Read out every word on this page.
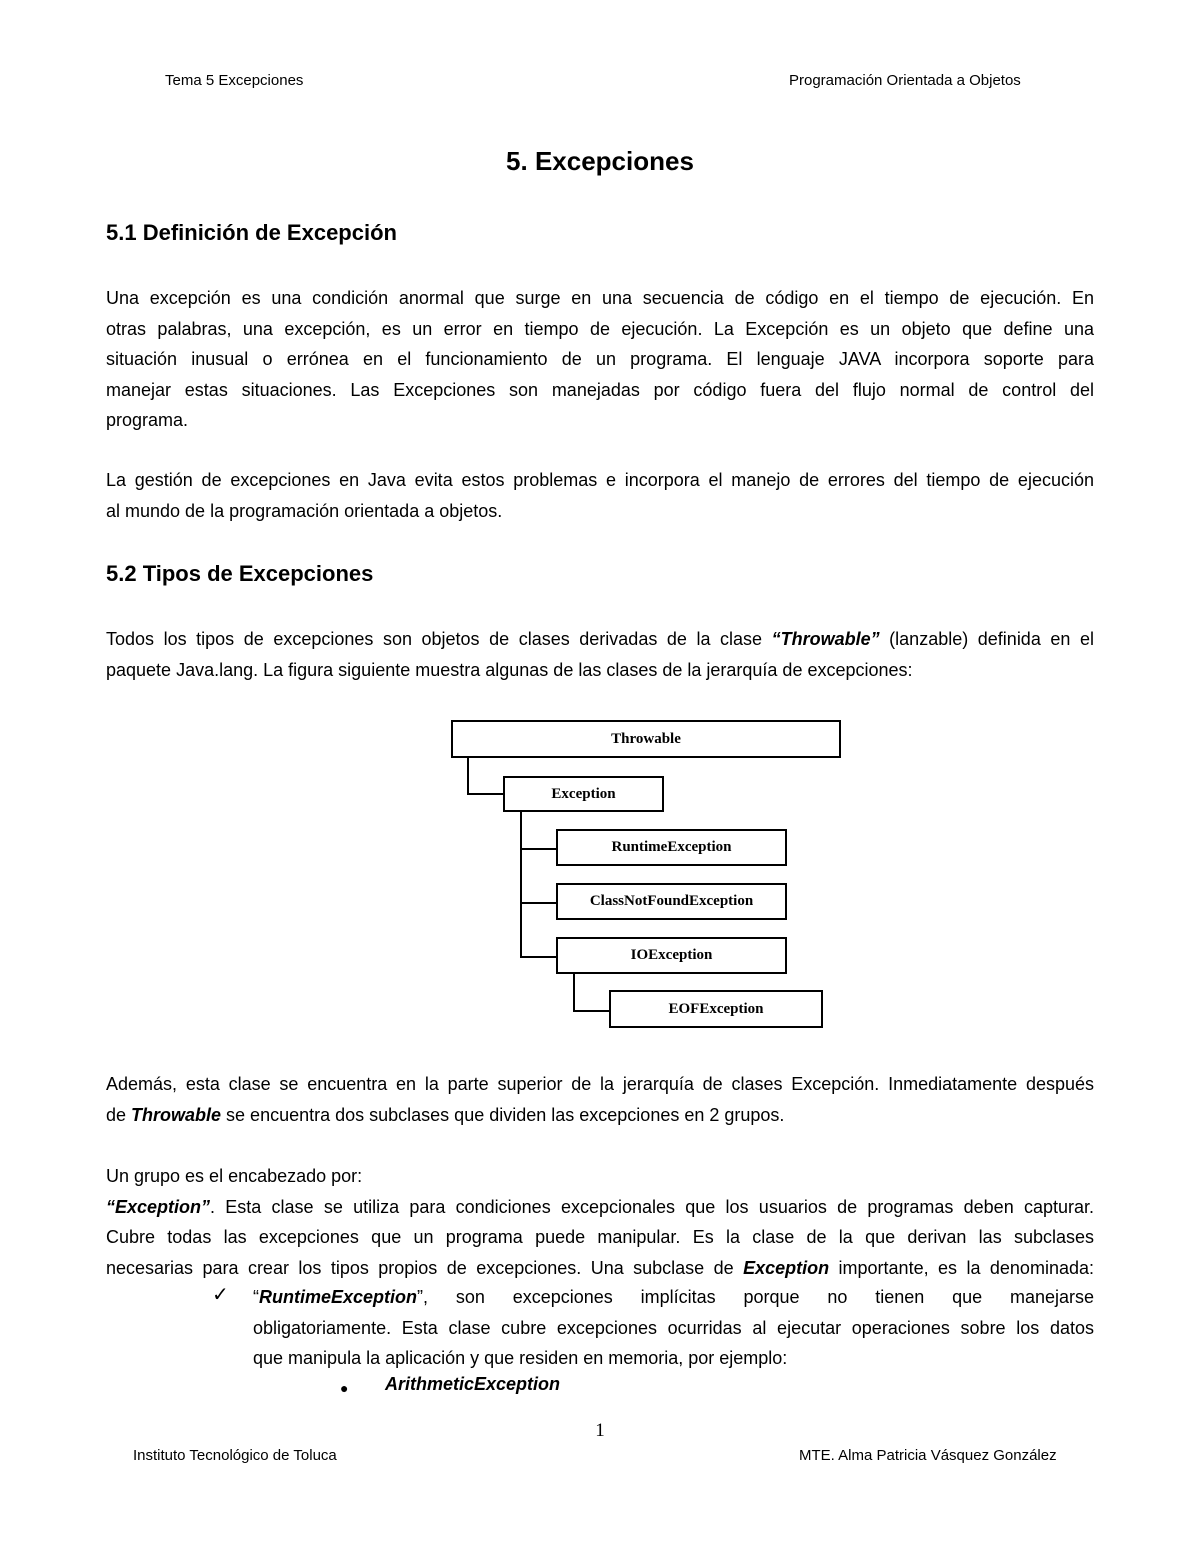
Tema 5 Excepciones	Programación Orientada a Objetos
5. Excepciones
5.1 Definición de Excepción
Una excepción es una condición anormal que surge en una secuencia de código en el tiempo de ejecución. En
otras palabras, una excepción, es un error en tiempo de ejecución. La Excepción es un objeto que define una
situación inusual o errónea en el funcionamiento de un programa. El lenguaje JAVA incorpora soporte para
manejar estas situaciones. Las Excepciones son manejadas por código fuera del flujo normal de control del
programa.
La gestión de excepciones en Java evita estos problemas e incorpora el manejo de errores del tiempo de ejecución
al mundo de la programación orientada a objetos.
5.2 Tipos de Excepciones
Todos los tipos de excepciones son objetos de clases derivadas de la clase “Throwable” (lanzable) definida en el
paquete Java.lang. La figura siguiente muestra algunas de las clases de la jerarquía de excepciones:
Throwable
Exception
RuntimeException
ClassNotFoundException
IOException
EOFException
Además, esta clase se encuentra en la parte superior de la jerarquía de clases Excepción. Inmediatamente después
de Throwable se encuentra dos subclases que dividen las excepciones en 2 grupos.
Un grupo es el encabezado por:
“Exception”. Esta clase se utiliza para condiciones excepcionales que los usuarios de programas deben capturar.
Cubre todas las excepciones que un programa puede manipular. Es la clase de la que derivan las subclases
necesarias para crear los tipos propios de excepciones. Una subclase de Exception importante, es la denominada:
✓ “RuntimeException”, son excepciones implícitas porque no tienen que manejarse
obligatoriamente. Esta clase cubre excepciones ocurridas al ejecutar operaciones sobre los datos
que manipula la aplicación y que residen en memoria, por ejemplo:
● ArithmeticException
1
Instituto Tecnológico de Toluca	MTE. Alma Patricia Vásquez González
